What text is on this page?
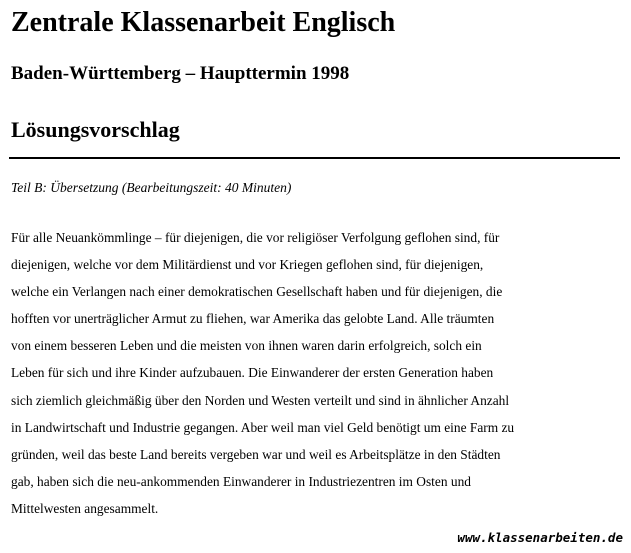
Zentrale Klassenarbeit Englisch
Baden-Württemberg – Haupttermin 1998
Lösungsvorschlag

Teil B: Übersetzung (Bearbeitungszeit: 40 Minuten)

Für alle Neuankömmlinge – für diejenigen, die vor religiöser Verfolgung geflohen sind, für
diejenigen, welche vor dem Militärdienst und vor Kriegen geflohen sind, für diejenigen,
welche ein Verlangen nach einer demokratischen Gesellschaft haben und für diejenigen, die
hofften vor unerträglicher Armut zu fliehen, war Amerika das gelobte Land. Alle träumten
von einem besseren Leben und die meisten von ihnen waren darin erfolgreich, solch ein
Leben für sich und ihre Kinder aufzubauen. Die Einwanderer der ersten Generation haben
sich ziemlich gleichmäßig über den Norden und Westen verteilt und sind in ähnlicher Anzahl
in Landwirtschaft und Industrie gegangen. Aber weil man viel Geld benötigt um eine Farm zu
gründen, weil das beste Land bereits vergeben war und weil es Arbeitsplätze in den Städten
gab, haben sich die neu-ankommenden Einwanderer in Industriezentren im Osten und
Mittelwesten angesammelt.

www.klassenarbeiten.de
